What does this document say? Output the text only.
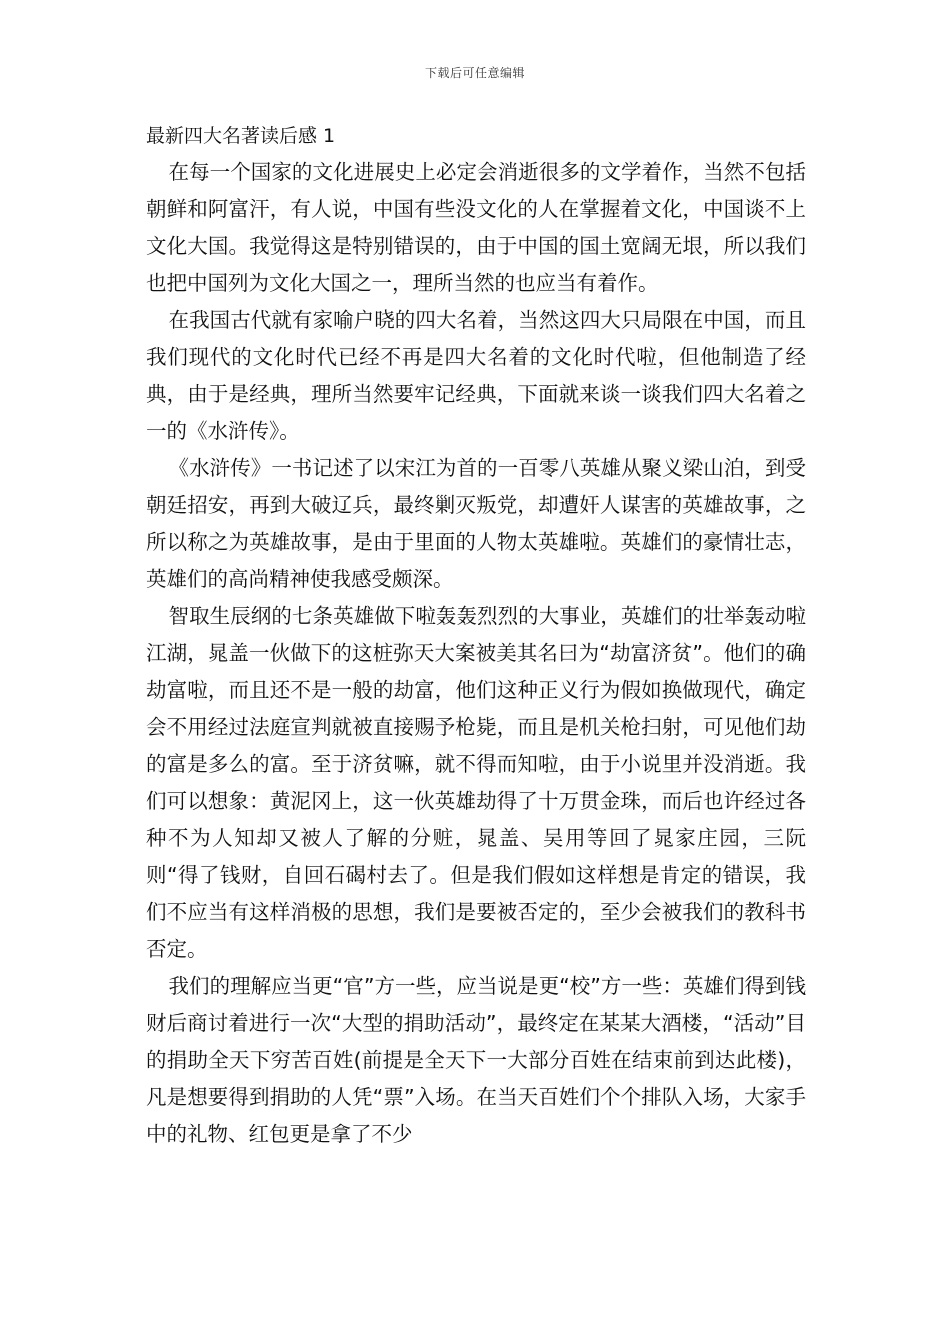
下载后可任意编辑
最新四大名著读后感 1

在每一个国家的文化进展史上必定会消逝很多的文学着作，当然不包括朝鲜和阿富汗，有人说，中国有些没文化的人在掌握着文化，中国谈不上文化大国。我觉得这是特别错误的，由于中国的国土宽阔无垠，所以我们也把中国列为文化大国之一，理所当然的也应当有着作。

在我国古代就有家喻户晓的四大名着，当然这四大只局限在中国，而且我们现代的文化时代已经不再是四大名着的文化时代啦，但他制造了经典，由于是经典，理所当然要牢记经典，下面就来谈一谈我们四大名着之一的《水浒传》。

《水浒传》一书记述了以宋江为首的一百零八英雄从聚义梁山泊，到受朝廷招安，再到大破辽兵，最终剿灭叛党，却遭奸人谋害的英雄故事，之所以称之为英雄故事，是由于里面的人物太英雄啦。英雄们的豪情壮志，英雄们的高尚精神使我感受颇深。

智取生辰纲的七条英雄做下啦轰轰烈烈的大事业，英雄们的壮举轰动啦江湖，晁盖一伙做下的这桩弥天大案被美其名曰为“劫富济贫”。他们的确劫富啦，而且还不是一般的劫富，他们这种正义行为假如换做现代，确定会不用经过法庭宣判就被直接赐予枪毙，而且是机关枪扫射，可见他们劫的富是多么的富。至于济贫嘛，就不得而知啦，由于小说里并没消逝。我们可以想象：黄泥冈上，这一伙英雄劫得了十万贯金珠，而后也许经过各种不为人知却又被人了解的分赃，晁盖、吴用等回了晁家庄园，三阮则“得了钱财，自回石碣村去了。但是我们假如这样想是肯定的错误，我们不应当有这样消极的思想，我们是要被否定的，至少会被我们的教科书否定。

我们的理解应当更“官”方一些，应当说是更“校”方一些：英雄们得到钱财后商讨着进行一次“大型的捐助活动”，最终定在某某大酒楼，“活动”目的捐助全天下穷苦百姓(前提是全天下一大部分百姓在结束前到达此楼)，凡是想要得到捐助的人凭“票”入场。在当天百姓们个个排队入场，大家手中的礼物、红包更是拿了不少
